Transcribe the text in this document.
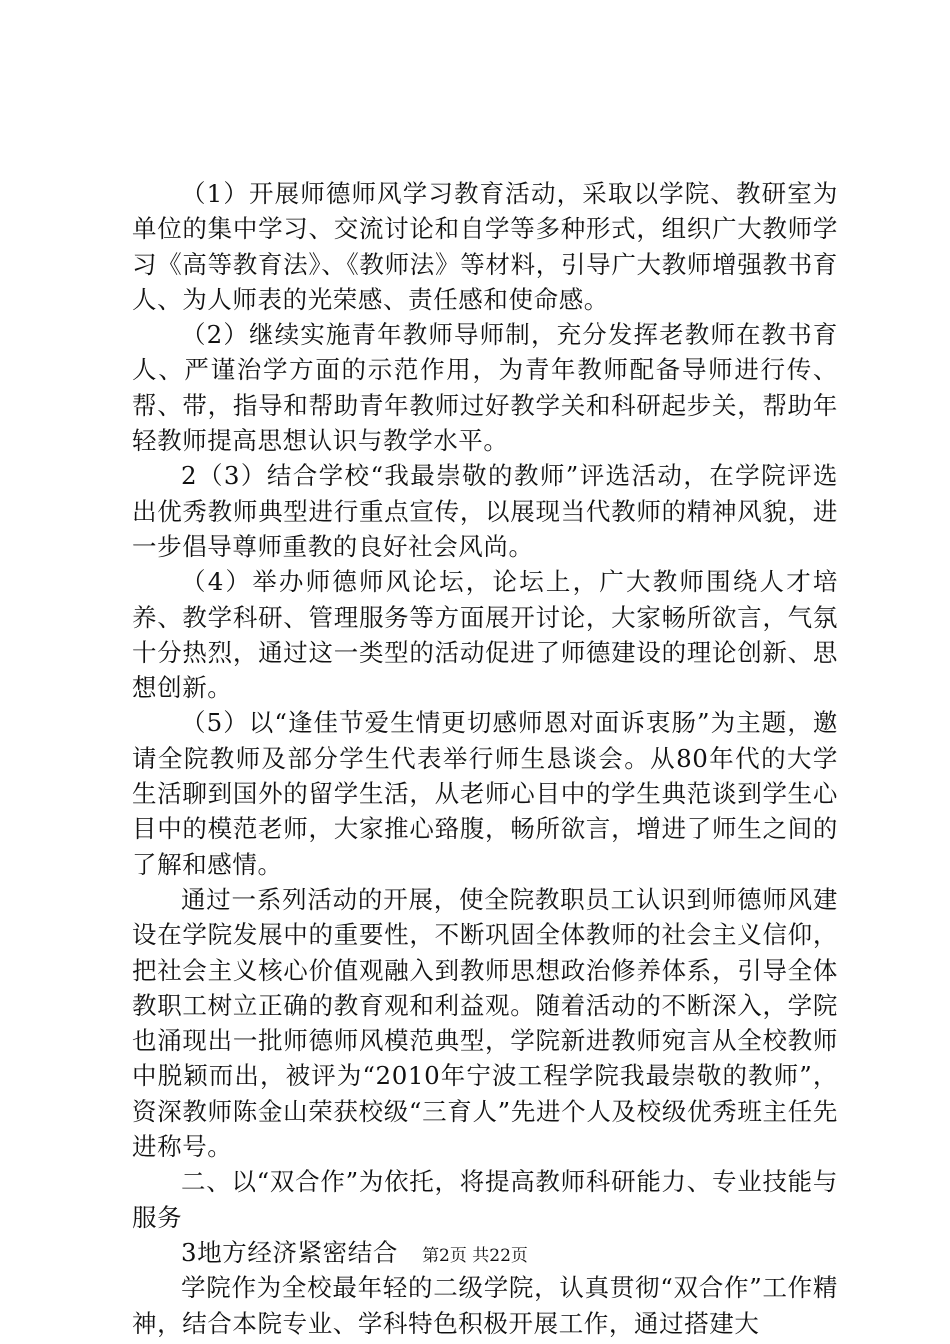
（1）开展师德师风学习教育活动，采取以学院、教研室为单位的集中学习、交流讨论和自学等多种形式，组织广大教师学习《高等教育法》、《教师法》等材料，引导广大教师增强教书育人、为人师表的光荣感、责任感和使命感。

（2）继续实施青年教师导师制，充分发挥老教师在教书育人、严谨治学方面的示范作用，为青年教师配备导师进行传、帮、带，指导和帮助青年教师过好教学关和科研起步关，帮助年轻教师提高思想认识与教学水平。

2（3）结合学校“我最崇敬的教师”评选活动，在学院评选出优秀教师典型进行重点宣传，以展现当代教师的精神风貌，进一步倡导尊师重教的良好社会风尚。

（4）举办师德师风论坛，论坛上，广大教师围绕人才培养、教学科研、管理服务等方面展开讨论，大家畅所欲言，气氛十分热烈，通过这一类型的活动促进了师德建设的理论创新、思想创新。

（5）以“逢佳节爱生情更切感师恩对面诉衷肠”为主题，邀请全院教师及部分学生代表举行师生恳谈会。从80年代的大学生活聊到国外的留学生活，从老师心目中的学生典范谈到学生心目中的模范老师，大家推心臵腹，畅所欲言，增进了师生之间的了解和感情。

通过一系列活动的开展，使全院教职员工认识到师德师风建设在学院发展中的重要性，不断巩固全体教师的社会主义信仰，把社会主义核心价值观融入到教师思想政治修养体系，引导全体教职工树立正确的教育观和利益观。随着活动的不断深入，学院也涌现出一批师德师风模范典型，学院新进教师宛言从全校教师中脱颖而出，被评为“2010年宁波工程学院我最崇敬的教师”，资深教师陈金山荣获校级“三育人”先进个人及校级优秀班主任先进称号。

二、以“双合作”为依托，将提高教师科研能力、专业技能与服务

3地方经济紧密结合

学院作为全校最年轻的二级学院，认真贯彻“双合作”工作精神，结合本院专业、学科特色积极开展工作，通过搭建大

第2页 共22页
